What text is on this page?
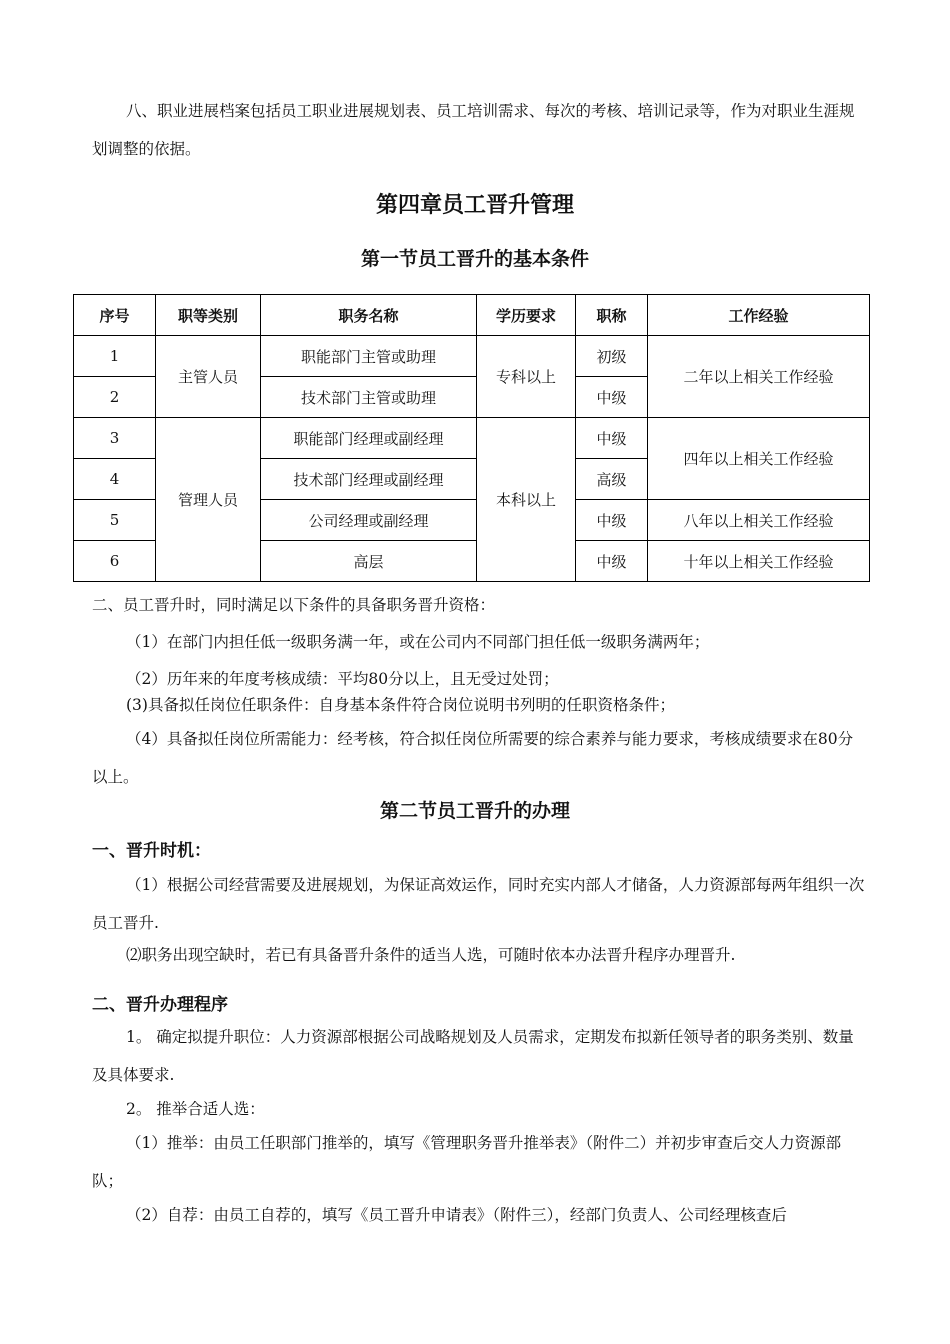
八、职业进展档案包括员工职业进展规划表、员工培训需求、每次的考核、培训记录等，作为对职业生涯规划调整的依据。

第四章员工晋升管理
第一节员工晋升的基本条件
序号	职等类别	职务名称	学历要求	职称	工作经验
1	主管人员	职能部门主管或助理	专科以上	初级	二年以上相关工作经验
2		技术部门主管或助理		中级	
3	管理人员	职能部门经理或副经理	本科以上	中级	四年以上相关工作经验
4		技术部门经理或副经理		高级	
5		公司经理或副经理		中级	八年以上相关工作经验
6		高层		中级	十年以上相关工作经验

二、员工晋升时，同时满足以下条件的具备职务晋升资格：

（1）在部门内担任低一级职务满一年，或在公司内不同部门担任低一级职务满两年；

（2）历年来的年度考核成绩：平均80分以上，且无受过处罚；

(3)具备拟任岗位任职条件：自身基本条件符合岗位说明书列明的任职资格条件；

（4）具备拟任岗位所需能力：经考核，符合拟任岗位所需要的综合素养与能力要求，考核成绩要求在80分以上。

第二节员工晋升的办理
一、晋升时机：

（1）根据公司经营需要及进展规划，为保证高效运作，同时充实内部人才储备，人力资源部每两年组织一次员工晋升.

⑵职务出现空缺时，若已有具备晋升条件的适当人选，可随时依本办法晋升程序办理晋升.

二、晋升办理程序

1。 确定拟提升职位：人力资源部根据公司战略规划及人员需求，定期发布拟新任领导者的职务类别、数量及具体要求.

2。 推举合适人选：

（1）推举：由员工任职部门推举的，填写《管理职务晋升推举表》（附件二）并初步审查后交人力资源部队；

（2）自荐：由员工自荐的，填写《员工晋升申请表》（附件三），经部门负责人、公司经理核查后
